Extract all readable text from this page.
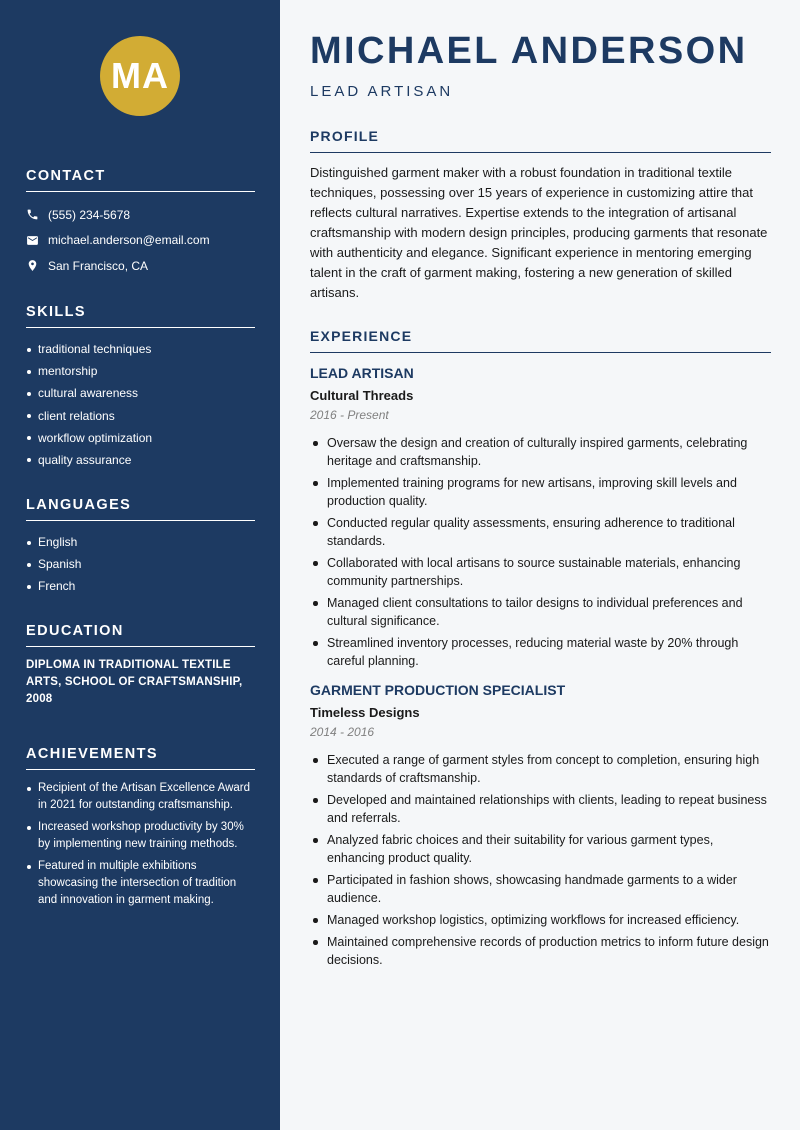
MA
CONTACT
(555) 234-5678
michael.anderson@email.com
San Francisco, CA
SKILLS
traditional techniques
mentorship
cultural awareness
client relations
workflow optimization
quality assurance
LANGUAGES
English
Spanish
French
EDUCATION
DIPLOMA IN TRADITIONAL TEXTILE ARTS, SCHOOL OF CRAFTSMANSHIP, 2008
ACHIEVEMENTS
Recipient of the Artisan Excellence Award in 2021 for outstanding craftsmanship.
Increased workshop productivity by 30% by implementing new training methods.
Featured in multiple exhibitions showcasing the intersection of tradition and innovation in garment making.
MICHAEL ANDERSON
LEAD ARTISAN
PROFILE

Distinguished garment maker with a robust foundation in traditional textile techniques, possessing over 15 years of experience in customizing attire that reflects cultural narratives. Expertise extends to the integration of artisanal craftsmanship with modern design principles, producing garments that resonate with authenticity and elegance. Significant experience in mentoring emerging talent in the craft of garment making, fostering a new generation of skilled artisans.

EXPERIENCE
LEAD ARTISAN
Cultural Threads
2016 - Present
Oversaw the design and creation of culturally inspired garments, celebrating heritage and craftsmanship.
Implemented training programs for new artisans, improving skill levels and production quality.
Conducted regular quality assessments, ensuring adherence to traditional standards.
Collaborated with local artisans to source sustainable materials, enhancing community partnerships.
Managed client consultations to tailor designs to individual preferences and cultural significance.
Streamlined inventory processes, reducing material waste by 20% through careful planning.
GARMENT PRODUCTION SPECIALIST
Timeless Designs
2014 - 2016
Executed a range of garment styles from concept to completion, ensuring high standards of craftsmanship.
Developed and maintained relationships with clients, leading to repeat business and referrals.
Analyzed fabric choices and their suitability for various garment types, enhancing product quality.
Participated in fashion shows, showcasing handmade garments to a wider audience.
Managed workshop logistics, optimizing workflows for increased efficiency.
Maintained comprehensive records of production metrics to inform future design decisions.
